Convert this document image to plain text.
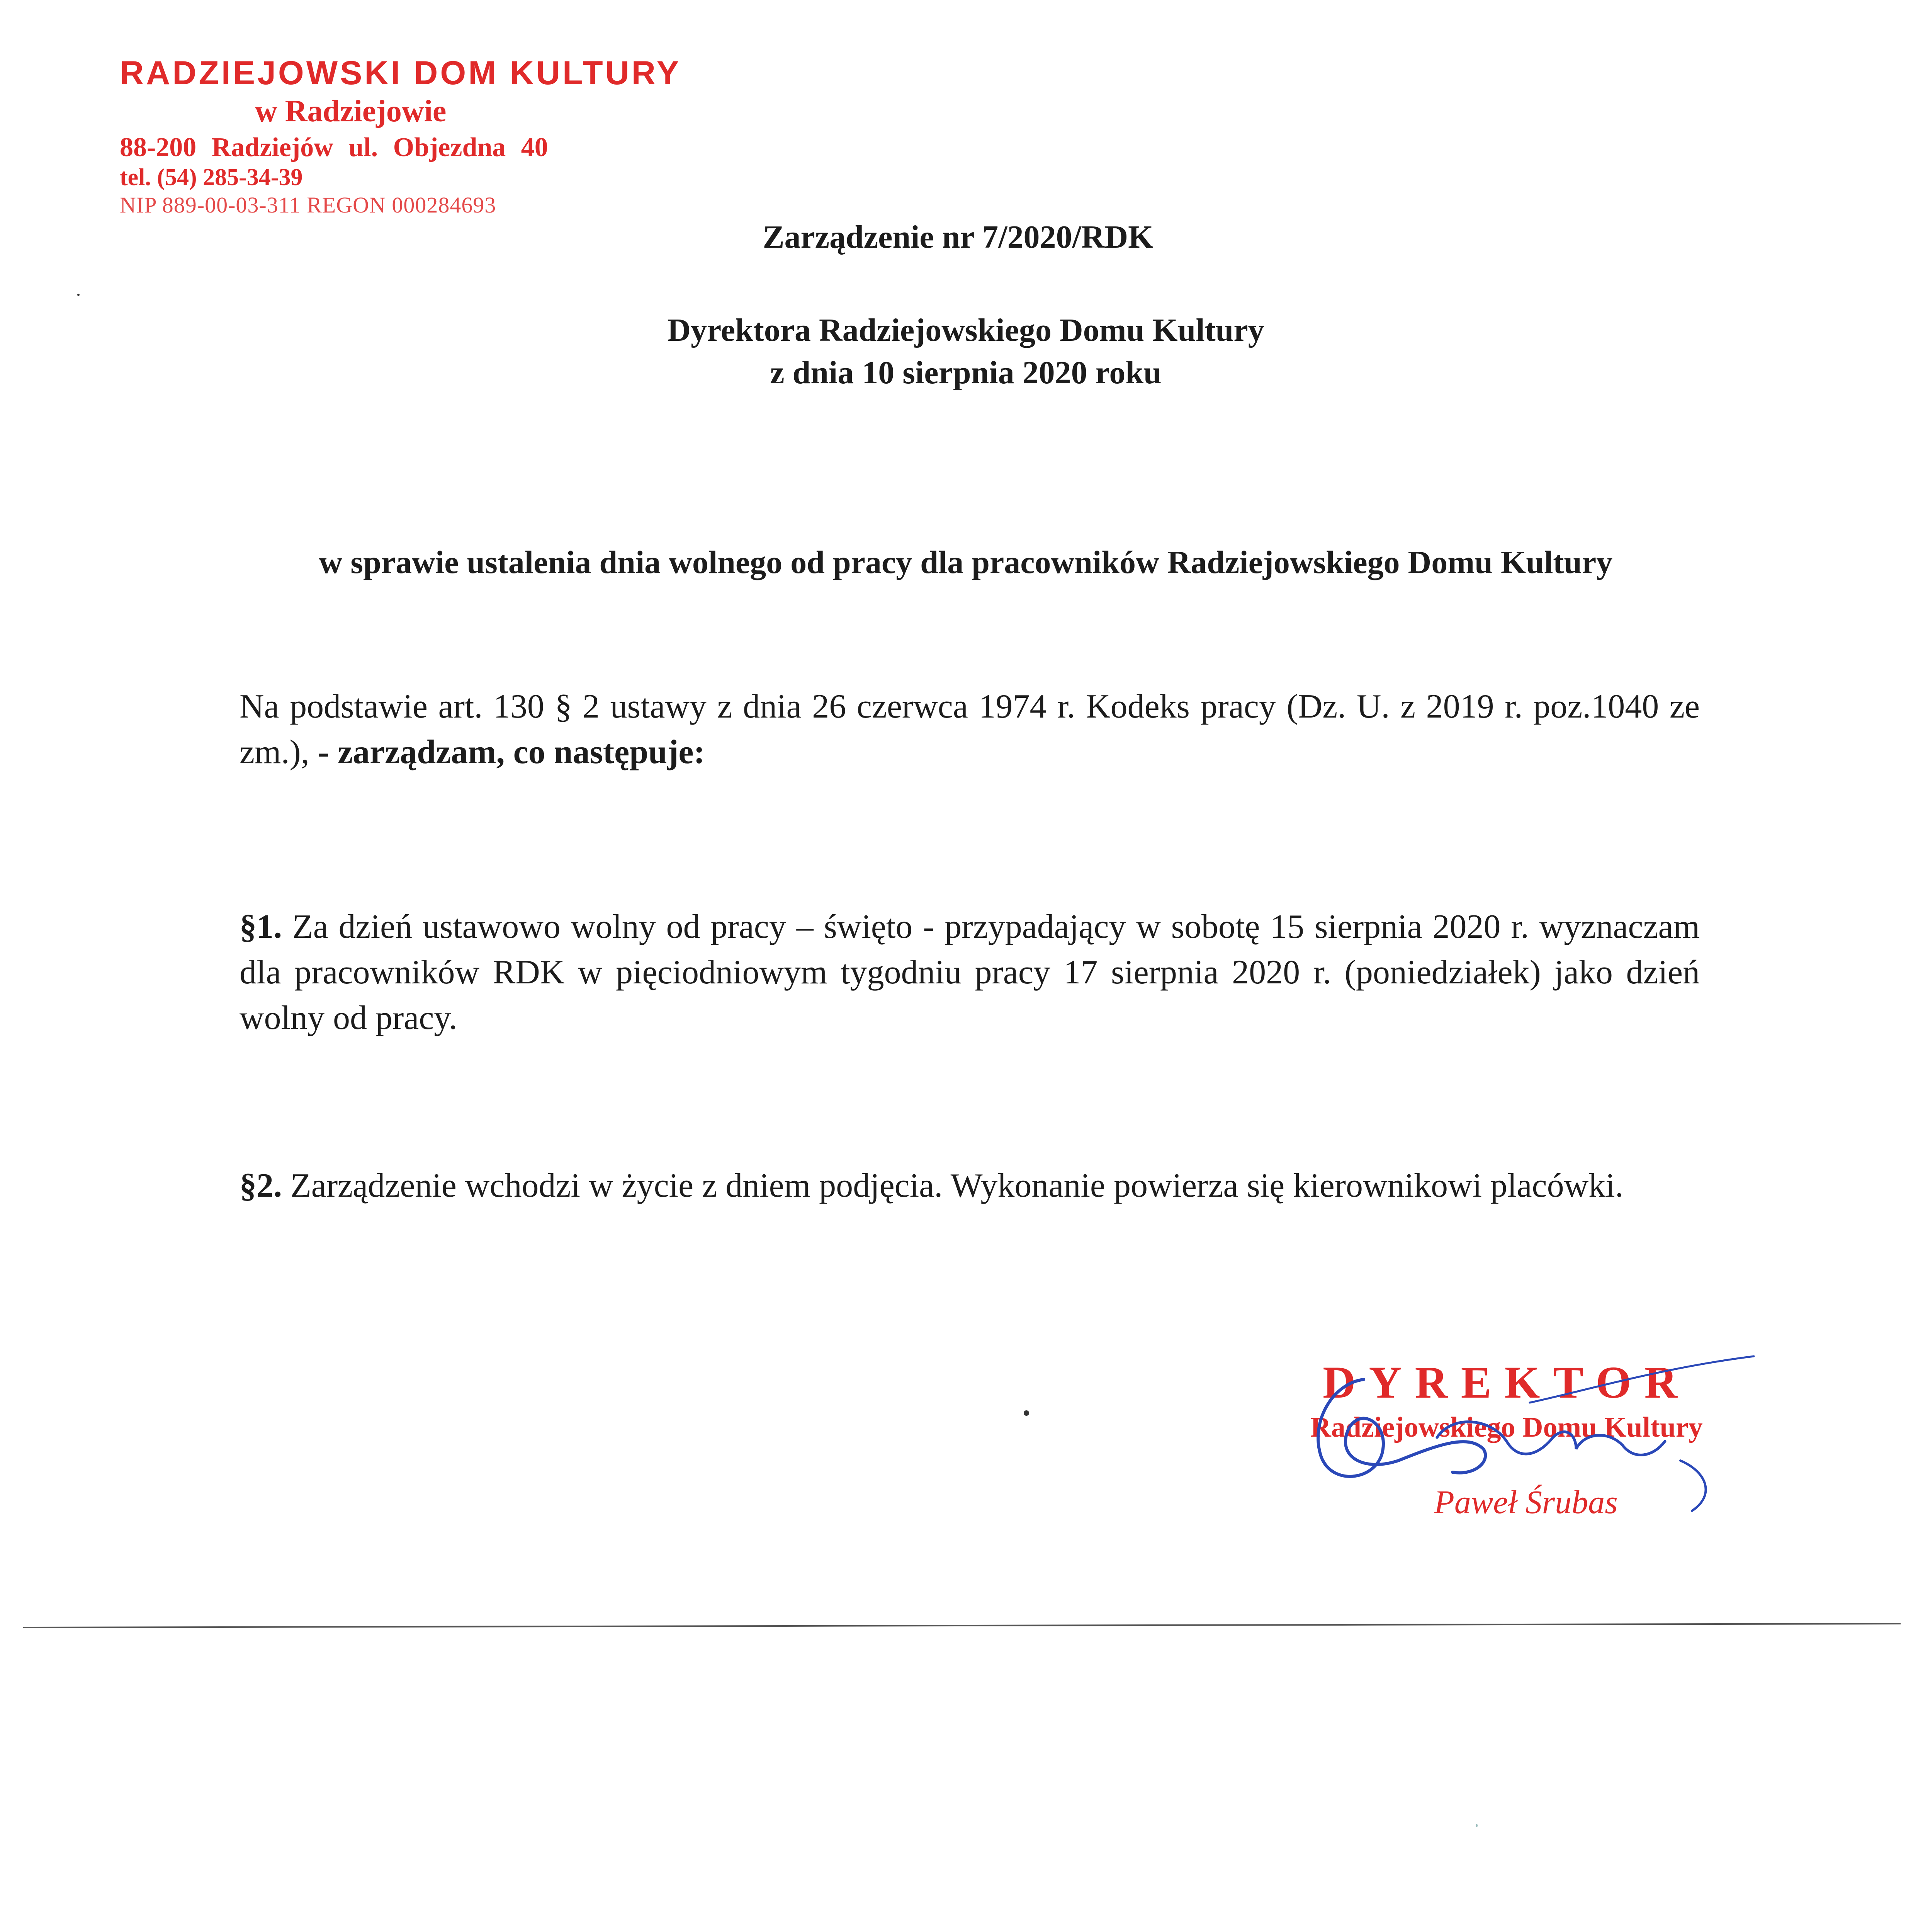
RADZIEJOWSKI DOM KULTURY
w Radziejowie
88-200 Radziejów ul. Objezdna 40
tel. (54) 285-34-39
NIP 889-00-03-311 REGON 000284693
Zarządzenie nr 7/2020/RDK
Dyrektora Radziejowskiego Domu Kultury
z dnia 10 sierpnia 2020 roku
w sprawie ustalenia dnia wolnego od pracy dla pracowników Radziejowskiego Domu Kultury
Na podstawie art. 130 § 2 ustawy z dnia 26 czerwca 1974 r. Kodeks pracy (Dz. U. z 2019 r. poz.1040 ze zm.), - zarządzam, co następuje:
§1. Za dzień ustawowo wolny od pracy – święto - przypadający w sobotę 15 sierpnia 2020 r. wyznaczam dla pracowników RDK w pięciodniowym tygodniu pracy 17 sierpnia 2020 r. (poniedziałek) jako dzień wolny od pracy.
§2. Zarządzenie wchodzi w życie z dniem podjęcia. Wykonanie powierza się kierownikowi placówki.
DYREKTOR
Radziejowskiego Domu Kultury
Paweł Śrubas
